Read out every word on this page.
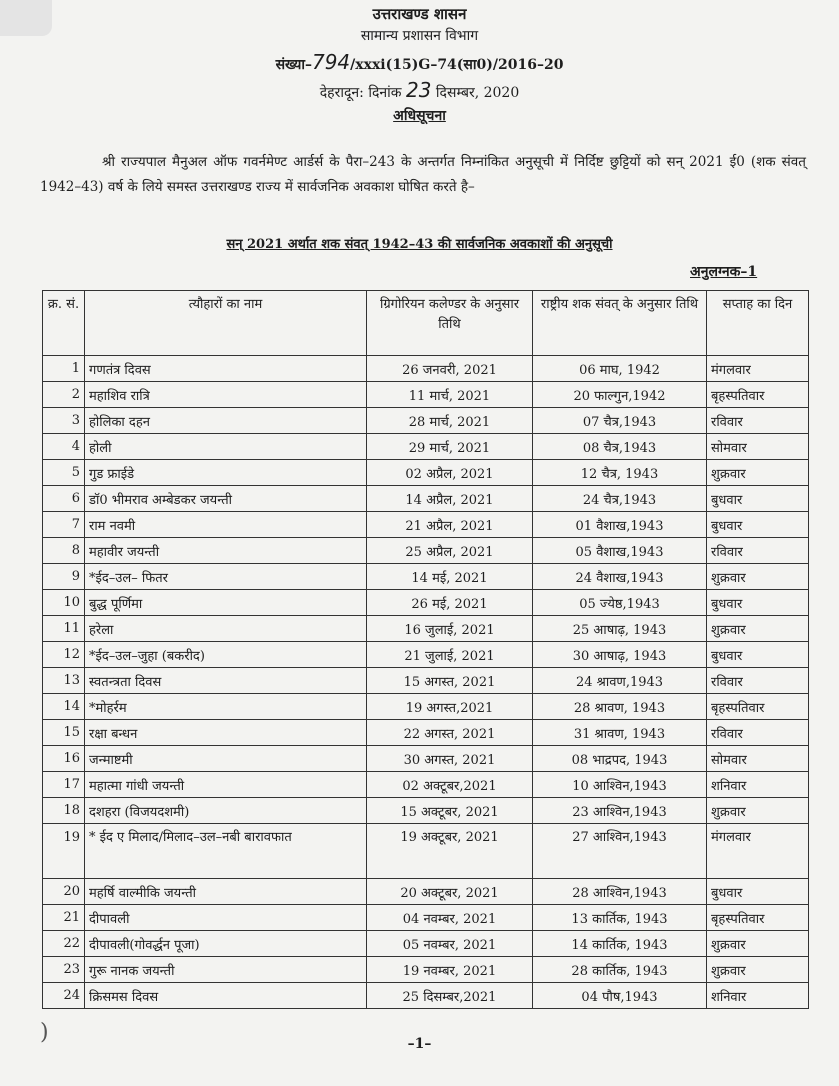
उत्तराखण्ड शासन
सामान्य प्रशासन विभाग
संख्या–794/xxxi(15)G–74(सा0)/2016–20
देहरादून: दिनांक 23 दिसम्बर, 2020
अधिसूचना
श्री राज्यपाल मैनुअल ऑफ गवर्नमेण्ट आर्डर्स के पैरा–243 के अन्तर्गत निम्नांकित अनुसूची में निर्दिष्ट छुट्टियों को सन् 2021 ई0 (शक संवत् 1942–43) वर्ष के लिये समस्त उत्तराखण्ड राज्य में सार्वजनिक अवकाश घोषित करते है–
सन् 2021 अर्थात शक संवत् 1942–43 की सार्वजनिक अवकाशों की अनुसूची
अनुलग्नक–1
क्र. सं.	त्यौहारों का नाम	ग्रिगोरियन कलेण्डर के अनुसार तिथि	राष्ट्रीय शक संवत् के अनुसार तिथि	सप्ताह का दिन
1	गणतंत्र दिवस	26 जनवरी, 2021	06 माघ, 1942	मंगलवार
2	महाशिव रात्रि	11 मार्च, 2021	20 फाल्गुन,1942	बृहस्पतिवार
3	होलिका दहन	28 मार्च, 2021	07 चैत्र,1943	रविवार
4	होली	29 मार्च, 2021	08 चैत्र,1943	सोमवार
5	गुड फ्राईडे	02 अप्रैल, 2021	12 चैत्र, 1943	शुक्रवार
6	डॉ0 भीमराव अम्बेडकर जयन्ती	14 अप्रैल, 2021	24 चैत्र,1943	बुधवार
7	राम नवमी	21 अप्रैल, 2021	01 वैशाख,1943	बुधवार
8	महावीर जयन्ती	25 अप्रैल, 2021	05 वैशाख,1943	रविवार
9	*ईद–उल– फितर	14 मई, 2021	24 वैशाख,1943	शुक्रवार
10	बुद्ध पूर्णिमा	26 मई, 2021	05 ज्येष्ठ,1943	बुधवार
11	हरेला	16 जुलाई, 2021	25 आषाढ़, 1943	शुक्रवार
12	*ईद–उल–जुहा (बकरीद)	21 जुलाई, 2021	30 आषाढ़, 1943	बुधवार
13	स्वतन्त्रता दिवस	15 अगस्त, 2021	24 श्रावण,1943	रविवार
14	*मोहर्रम	19 अगस्त,2021	28 श्रावण, 1943	बृहस्पतिवार
15	रक्षा बन्धन	22 अगस्त, 2021	31 श्रावण, 1943	रविवार
16	जन्माष्टमी	30 अगस्त, 2021	08 भाद्रपद, 1943	सोमवार
17	महात्मा गांधी जयन्ती	02 अक्टूबर,2021	10 आश्विन,1943	शनिवार
18	दशहरा (विजयदशमी)	15 अक्टूबर, 2021	23 आश्विन,1943	शुक्रवार
19	* ईद ए मिलाद/मिलाद–उल–नबी बारावफात	19 अक्टूबर, 2021	27 आश्विन,1943	मंगलवार
20	महर्षि वाल्मीकि जयन्ती	20 अक्टूबर, 2021	28 आश्विन,1943	बुधवार
21	दीपावली	04 नवम्बर, 2021	13 कार्तिक, 1943	बृहस्पतिवार
22	दीपावली(गोवर्द्धन पूजा)	05 नवम्बर, 2021	14 कार्तिक, 1943	शुक्रवार
23	गुरू नानक जयन्ती	19 नवम्बर, 2021	28 कार्तिक, 1943	शुक्रवार
24	क्रिसमस दिवस	25 दिसम्बर,2021	04 पौष,1943	शनिवार
)	–1–
